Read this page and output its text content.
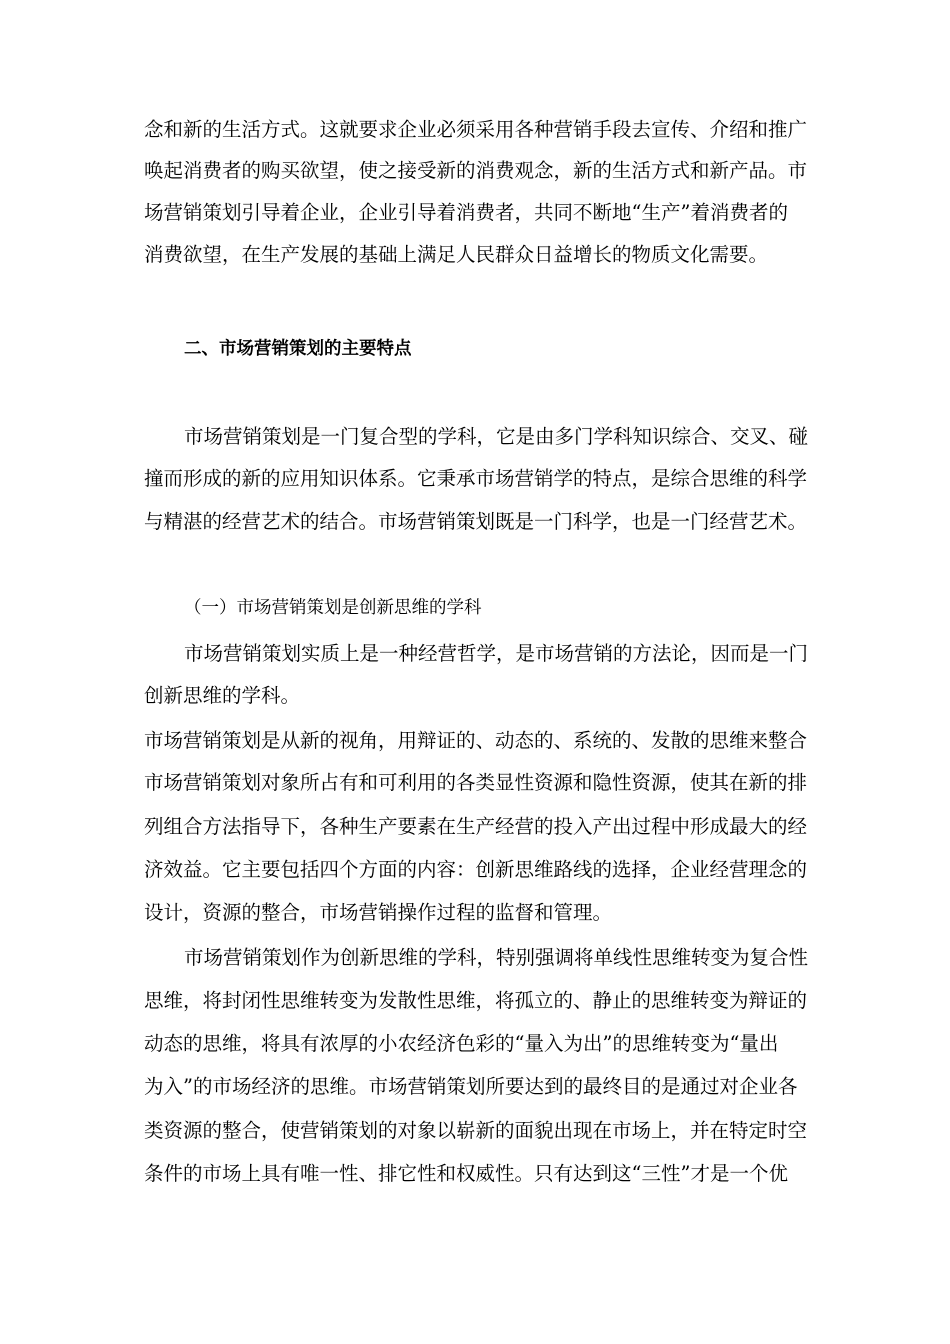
念和新的生活方式。这就要求企业必须采用各种营销手段去宣传、介绍和推广
唤起消费者的购买欲望，使之接受新的消费观念，新的生活方式和新产品。市
场营销策划引导着企业，企业引导着消费者，共同不断地“生产”着消费者的
消费欲望，在生产发展的基础上满足人民群众日益增长的物质文化需要。
二、市场营销策划的主要特点
市场营销策划是一门复合型的学科，它是由多门学科知识综合、交叉、碰
撞而形成的新的应用知识体系。它秉承市场营销学的特点，是综合思维的科学
与精湛的经营艺术的结合。市场营销策划既是一门科学，也是一门经营艺术。
（一）市场营销策划是创新思维的学科
市场营销策划实质上是一种经营哲学，是市场营销的方法论，因而是一门
创新思维的学科。
市场营销策划是从新的视角，用辩证的、动态的、系统的、发散的思维来整合
市场营销策划对象所占有和可利用的各类显性资源和隐性资源，使其在新的排
列组合方法指导下，各种生产要素在生产经营的投入产出过程中形成最大的经
济效益。它主要包括四个方面的内容：创新思维路线的选择，企业经营理念的
设计，资源的整合，市场营销操作过程的监督和管理。
市场营销策划作为创新思维的学科，特别强调将单线性思维转变为复合性
思维，将封闭性思维转变为发散性思维，将孤立的、静止的思维转变为辩证的
动态的思维，将具有浓厚的小农经济色彩的“量入为出”的思维转变为“量出
为入”的市场经济的思维。市场营销策划所要达到的最终目的是通过对企业各
类资源的整合，使营销策划的对象以崭新的面貌出现在市场上，并在特定时空
条件的市场上具有唯一性、排它性和权威性。只有达到这“三性”才是一个优
